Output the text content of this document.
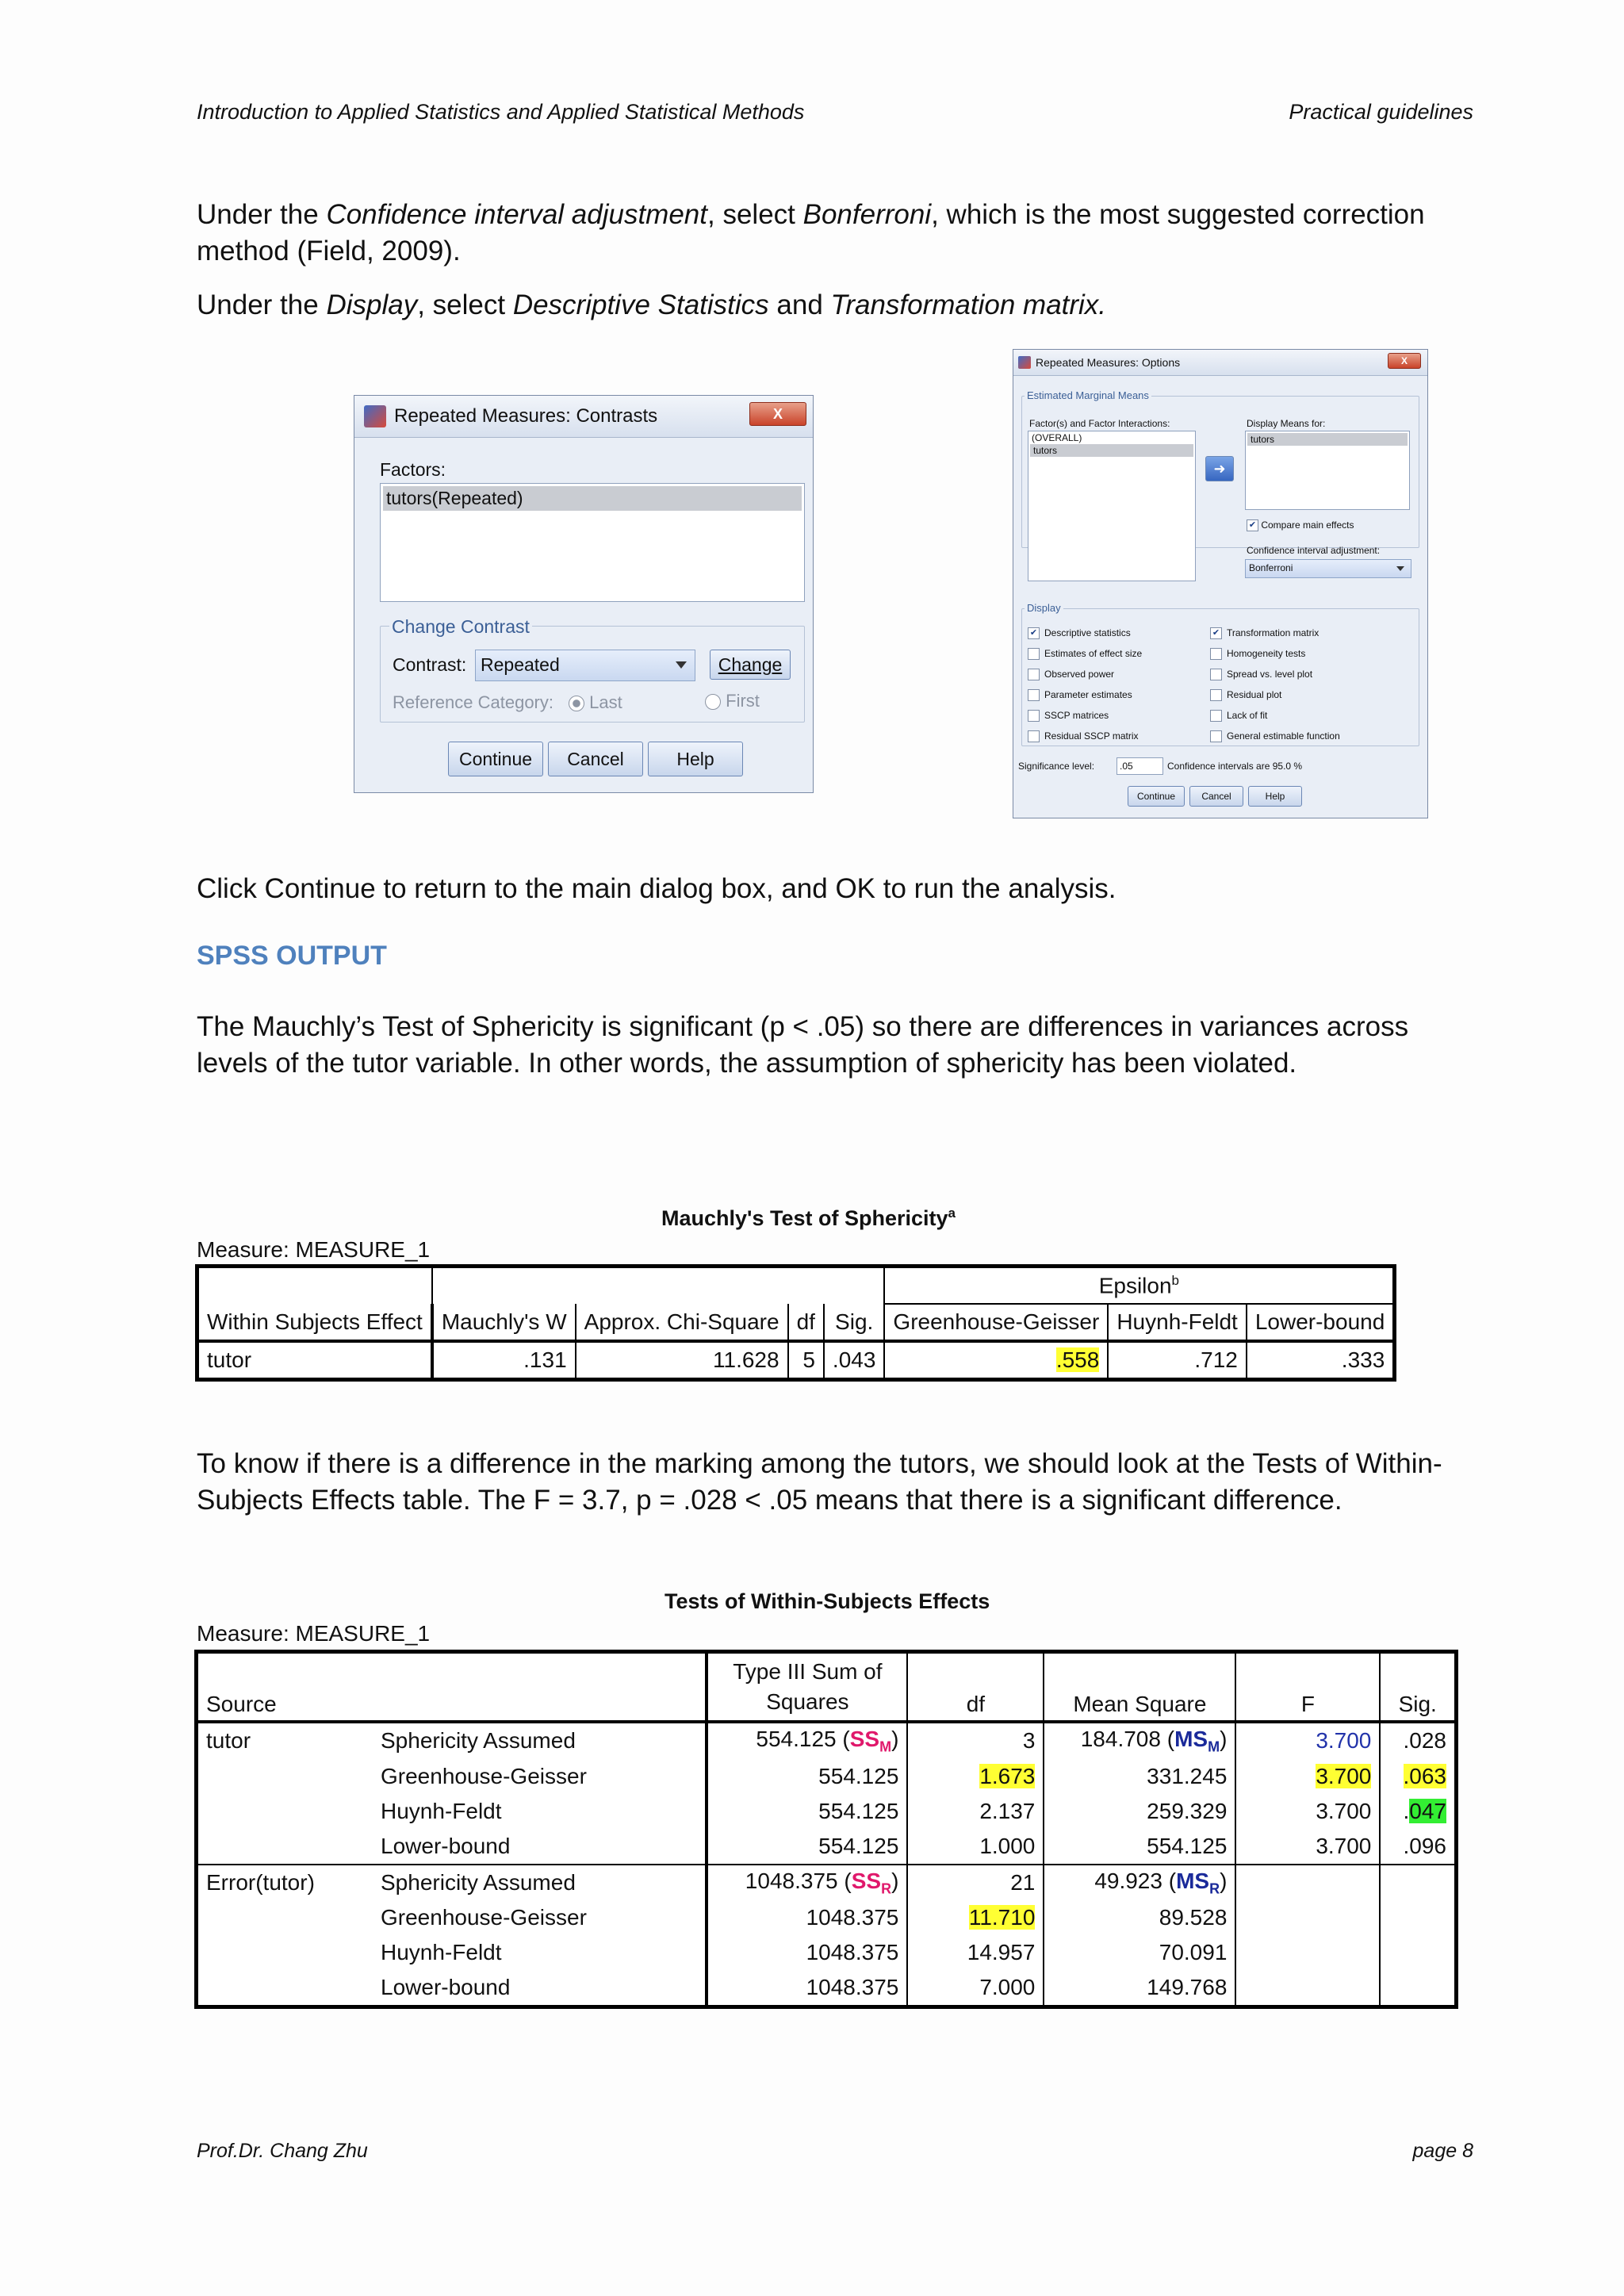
Introduction to Applied Statistics and Applied Statistical Methods	Practical guidelines
Under the Confidence interval adjustment, select Bonferroni, which is the most suggested correction method (Field, 2009).
Under the Display, select Descriptive Statistics and Transformation matrix.
Repeated Measures: Contrasts	X
Factors:
tutors(Repeated)
Change Contrast
Contrast: Repeated	Change
Reference Category:	Last	First
Continue	Cancel	Help
Repeated Measures: Options	X
Estimated Marginal Means
Factor(s) and Factor Interactions:
(OVERALL)
tutors
➜
Display Means for:
tutors
✔ Compare main effects
Confidence interval adjustment:
Bonferroni
Display
✔ Descriptive statistics
Estimates of effect size
Observed power
Parameter estimates
SSCP matrices
Residual SSCP matrix
✔ Transformation matrix
Homogeneity tests
Spread vs. level plot
Residual plot
Lack of fit
General estimable function
Significance level:	.05	Confidence intervals are 95.0 %
Continue	Cancel	Help
Click Continue to return to the main dialog box, and OK to run the analysis.
SPSS OUTPUT
The Mauchly’s Test of Sphericity is significant (p < .05) so there are differences in variances across levels of the tutor variable. In other words, the assumption of sphericity has been violated.
Mauchly's Test of Sphericity$^a$
Measure: MEASURE_1
					Epsilon$^b$
Within Subjects Effect	Mauchly's W	Approx. Chi-Square	df	Sig.	Greenhouse-Geisser	Huynh-Feldt	Lower-bound
tutor	.131	11.628	5	.043	.558	.712	.333
To know if there is a difference in the marking among the tutors, we should look at the Tests of Within-Subjects Effects table. The F = 3.7, p = .028 < .05 means that there is a significant difference.
Tests of Within-Subjects Effects
Measure: MEASURE_1
Source		Type III Sum of
Squares	df	Mean Square	F	Sig.
tutor	Sphericity Assumed	554.125 $(SS_M)$	3	184.708 $(MS_M)$	3.700	.028
	Greenhouse-Geisser	554.125	1.673	331.245	3.700	.063
	Huynh-Feldt	554.125	2.137	259.329	3.700	.047
	Lower-bound	554.125	1.000	554.125	3.700	.096
Error(tutor)	Sphericity Assumed	1048.375 $(SS_R)$	21	49.923 $(MS_R)$		
	Greenhouse-Geisser	1048.375	11.710	89.528		
	Huynh-Feldt	1048.375	14.957	70.091		
	Lower-bound	1048.375	7.000	149.768		
Prof.Dr. Chang Zhu	page 8
